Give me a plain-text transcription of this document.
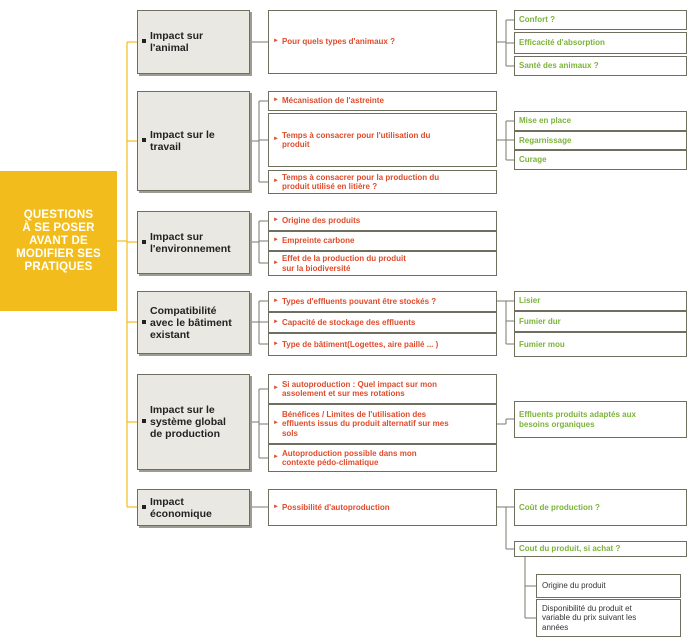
QUESTIONS
À SE POSER
AVANT DE
MODIFIER SES
PRATIQUES
Impact sur
l'animal
► Pour quels types d'animaux ?
Confort ?
Efficacité d'absorption
Santé des animaux ?
Impact sur le
travail
► Mécanisation de l'astreinte
► Temps à consacrer pour l'utilisation du
produit
► Temps à consacrer pour la production du
produit utilisé en litière ?
Mise en place
Regarnissage
Curage
Impact sur
l'environnement
► Origine des produits
► Empreinte carbone
► Effet de la production du produit
sur la biodiversité
Compatibilité
avec le bâtiment
existant
► Types d'effluents pouvant être stockés ?
► Capacité de stockage des effluents
► Type de bâtiment(Logettes, aire paillé ... )
Lisier
Fumier dur
Fumier mou
Impact sur le
système global
de production
► Si autoproduction : Quel impact sur mon
assolement et sur mes rotations
►
Bénéfices / Limites de l'utilisation des
effluents issus du produit alternatif sur mes
sols
► Autoproduction possible dans mon
contexte pédo-climatique
Effluents produits adaptés aux
besoins organiques
Impact
économique
► Possibilité d'autoproduction	Coût de production ?
Cout du produit, si achat ?
Origine du produit
Disponibilité du produit et
variable du prix suivant les
années
